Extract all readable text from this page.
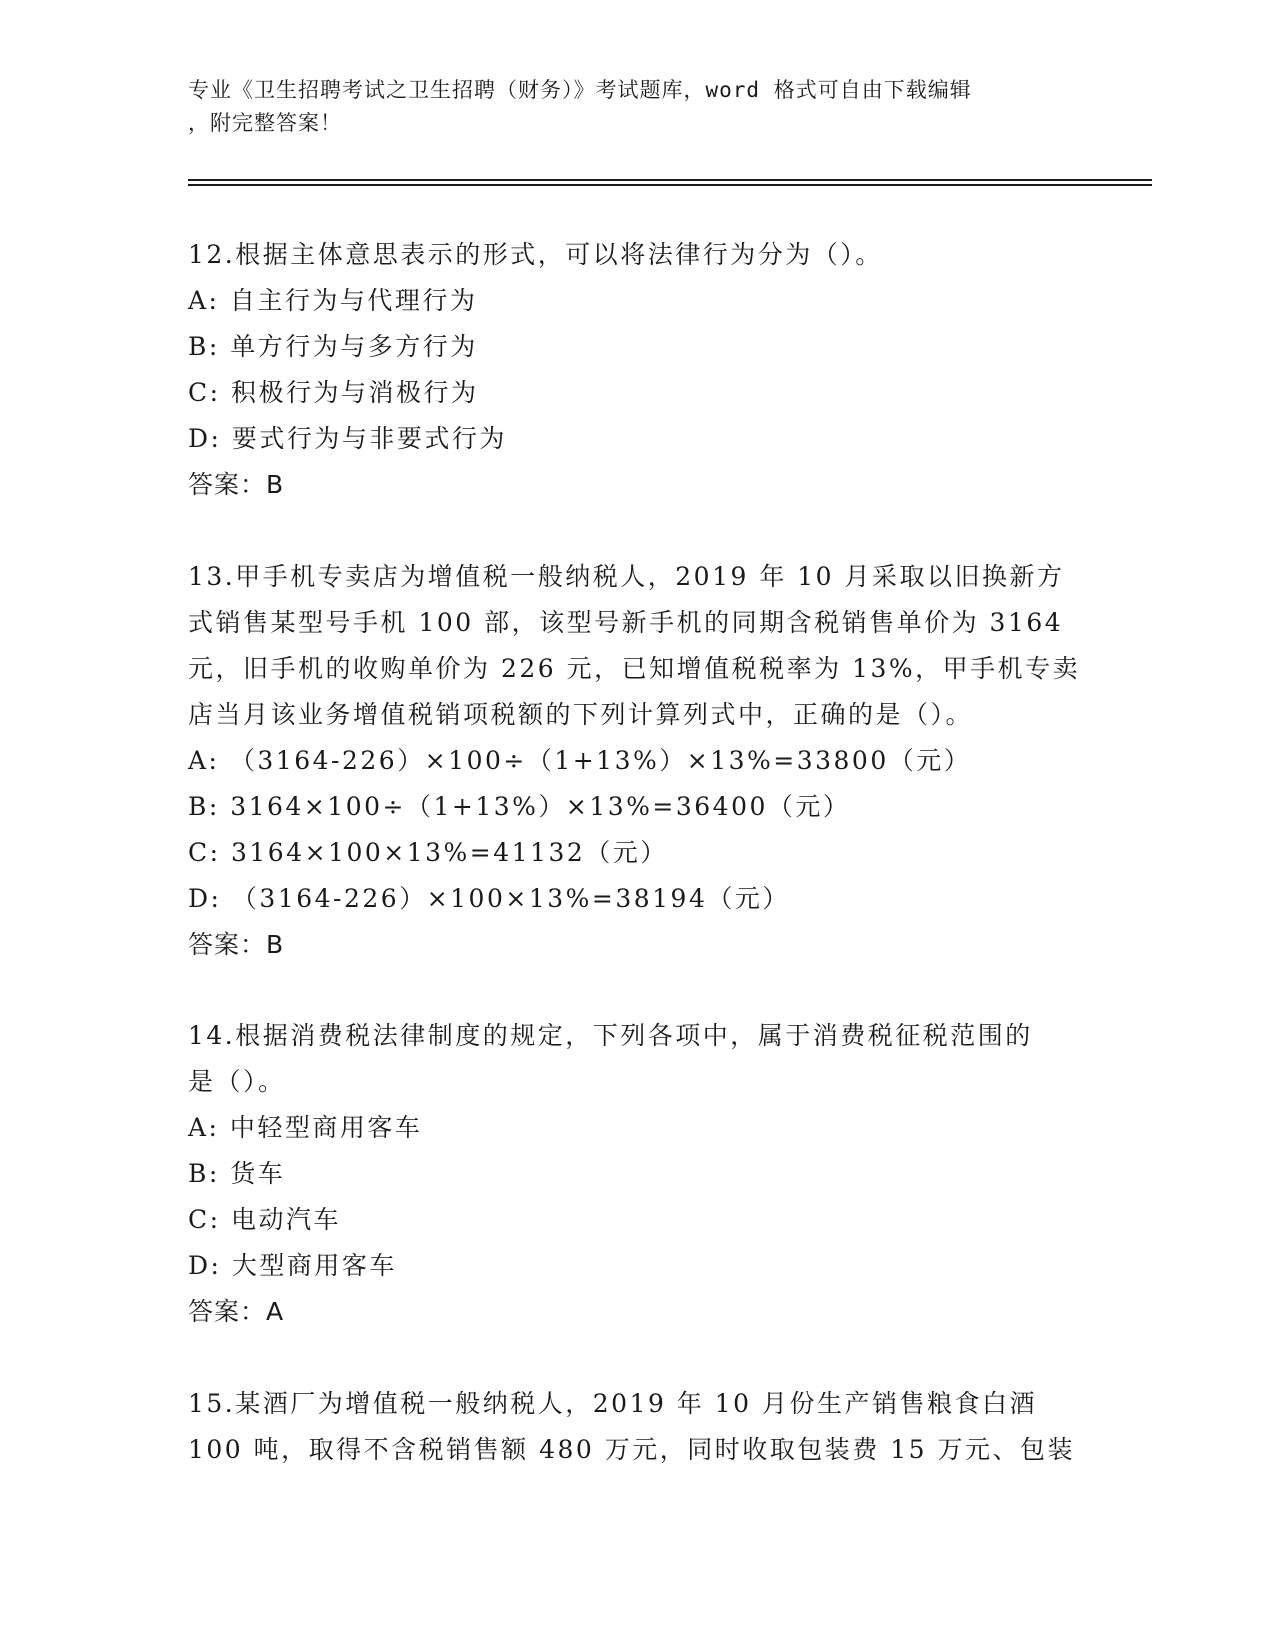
专业《卫生招聘考试之卫生招聘（财务）》考试题库，word 格式可自由下载编辑
，附完整答案！
12.根据主体意思表示的形式，可以将法律行为分为（）。
A: 自主行为与代理行为
B: 单方行为与多方行为
C: 积极行为与消极行为
D: 要式行为与非要式行为
答案：B
13.甲手机专卖店为增值税一般纳税人，2019 年 10 月采取以旧换新方
式销售某型号手机 100 部，该型号新手机的同期含税销售单价为 3164
元，旧手机的收购单价为 226 元，已知增值税税率为 13%，甲手机专卖
店当月该业务增值税销项税额的下列计算列式中，正确的是（）。
A: （3164-226）×100÷（1+13%）×13%=33800（元）
B: 3164×100÷（1+13%）×13%=36400（元）
C: 3164×100×13%=41132（元）
D: （3164-226）×100×13%=38194（元）
答案：B
14.根据消费税法律制度的规定，下列各项中，属于消费税征税范围的
是（）。
A: 中轻型商用客车
B: 货车
C: 电动汽车
D: 大型商用客车
答案：A
15.某酒厂为增值税一般纳税人，2019 年 10 月份生产销售粮食白酒
100 吨，取得不含税销售额 480 万元，同时收取包装费 15 万元、包装
